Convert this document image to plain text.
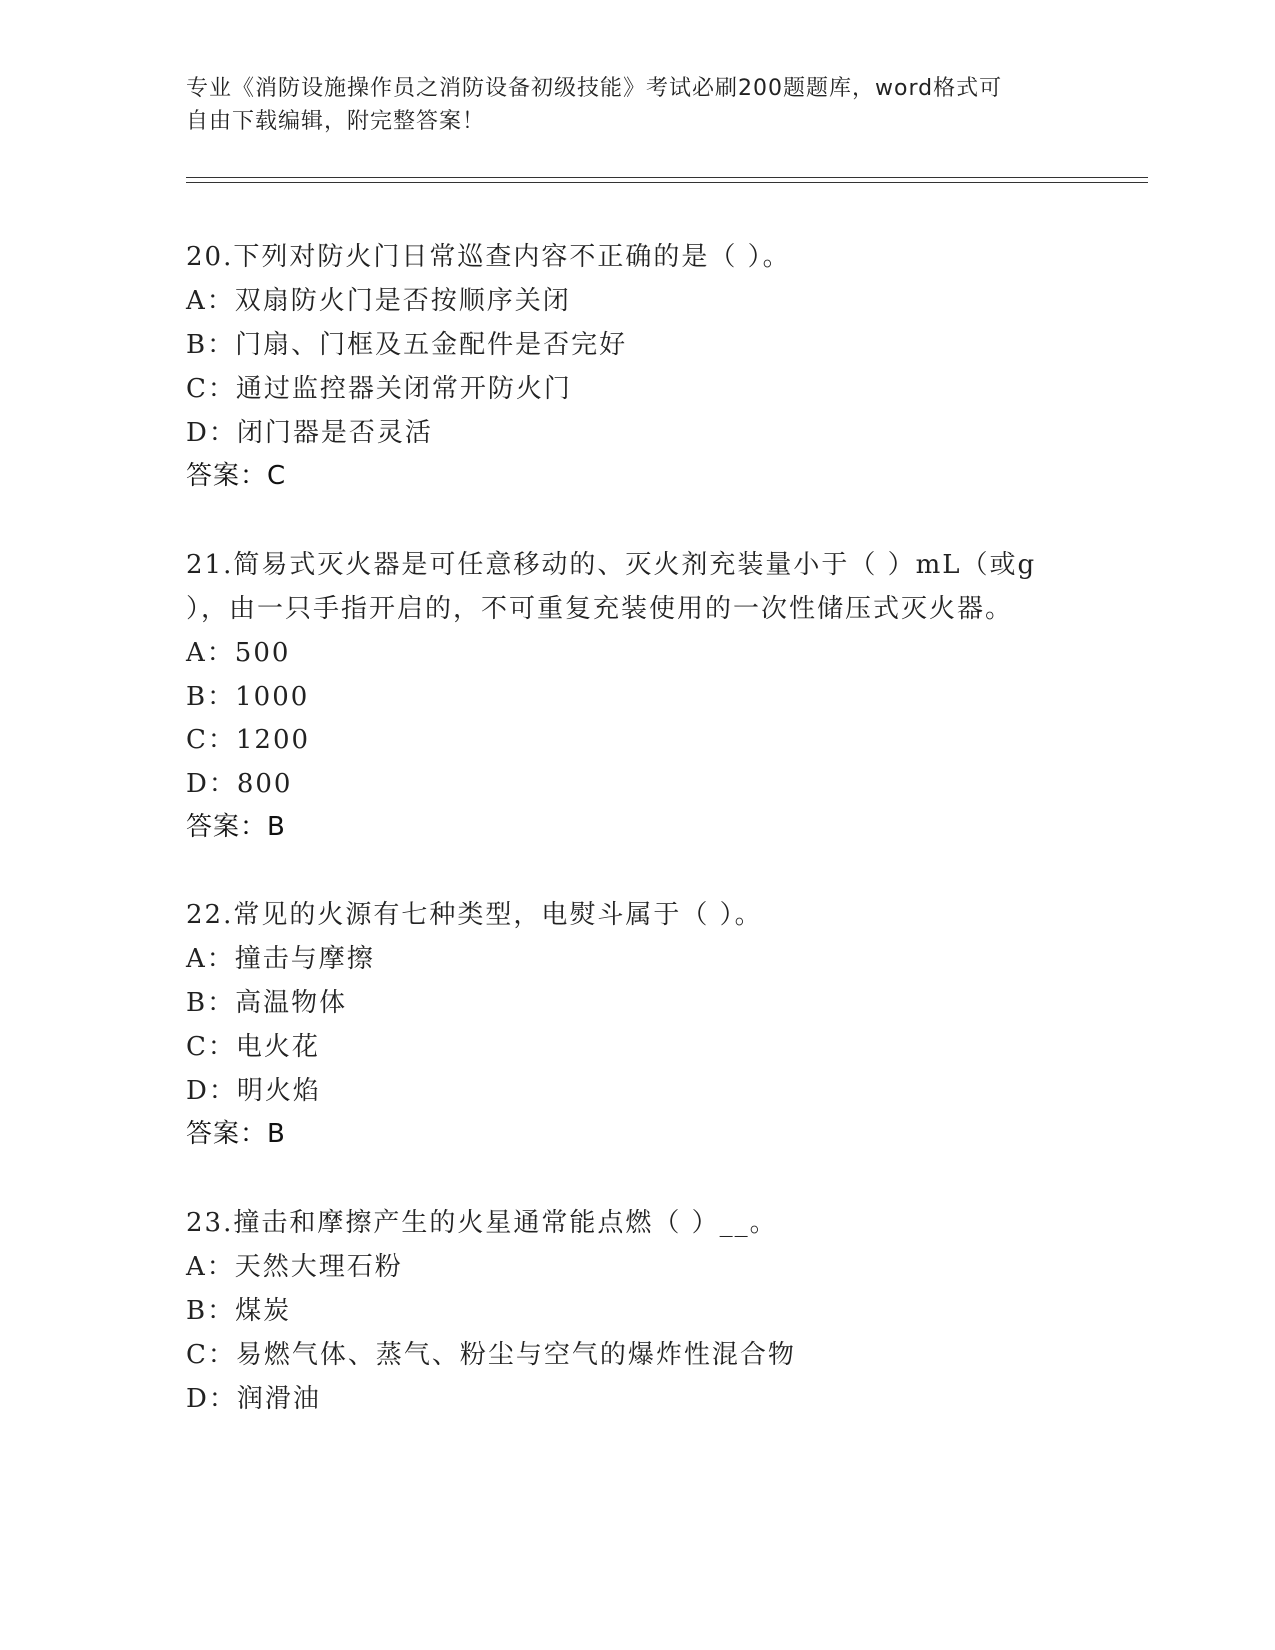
专业《消防设施操作员之消防设备初级技能》考试必刷200题题库，word格式可
自由下载编辑，附完整答案！
20.下列对防火门日常巡查内容不正确的是（ ）。
A：双扇防火门是否按顺序关闭
B：门扇、门框及五金配件是否完好
C：通过监控器关闭常开防火门
D：闭门器是否灵活
答案：C
21.简易式灭火器是可任意移动的、灭火剂充装量小于（ ）mL（或g
），由一只手指开启的，不可重复充装使用的一次性储压式灭火器。
A：500
B：1000
C：1200
D：800
答案：B
22.常见的火源有七种类型，电熨斗属于（ ）。
A：撞击与摩擦
B：高温物体
C：电火花
D：明火焰
答案：B
23.撞击和摩擦产生的火星通常能点燃（ ）__。
A：天然大理石粉
B：煤炭
C：易燃气体、蒸气、粉尘与空气的爆炸性混合物
D：润滑油
